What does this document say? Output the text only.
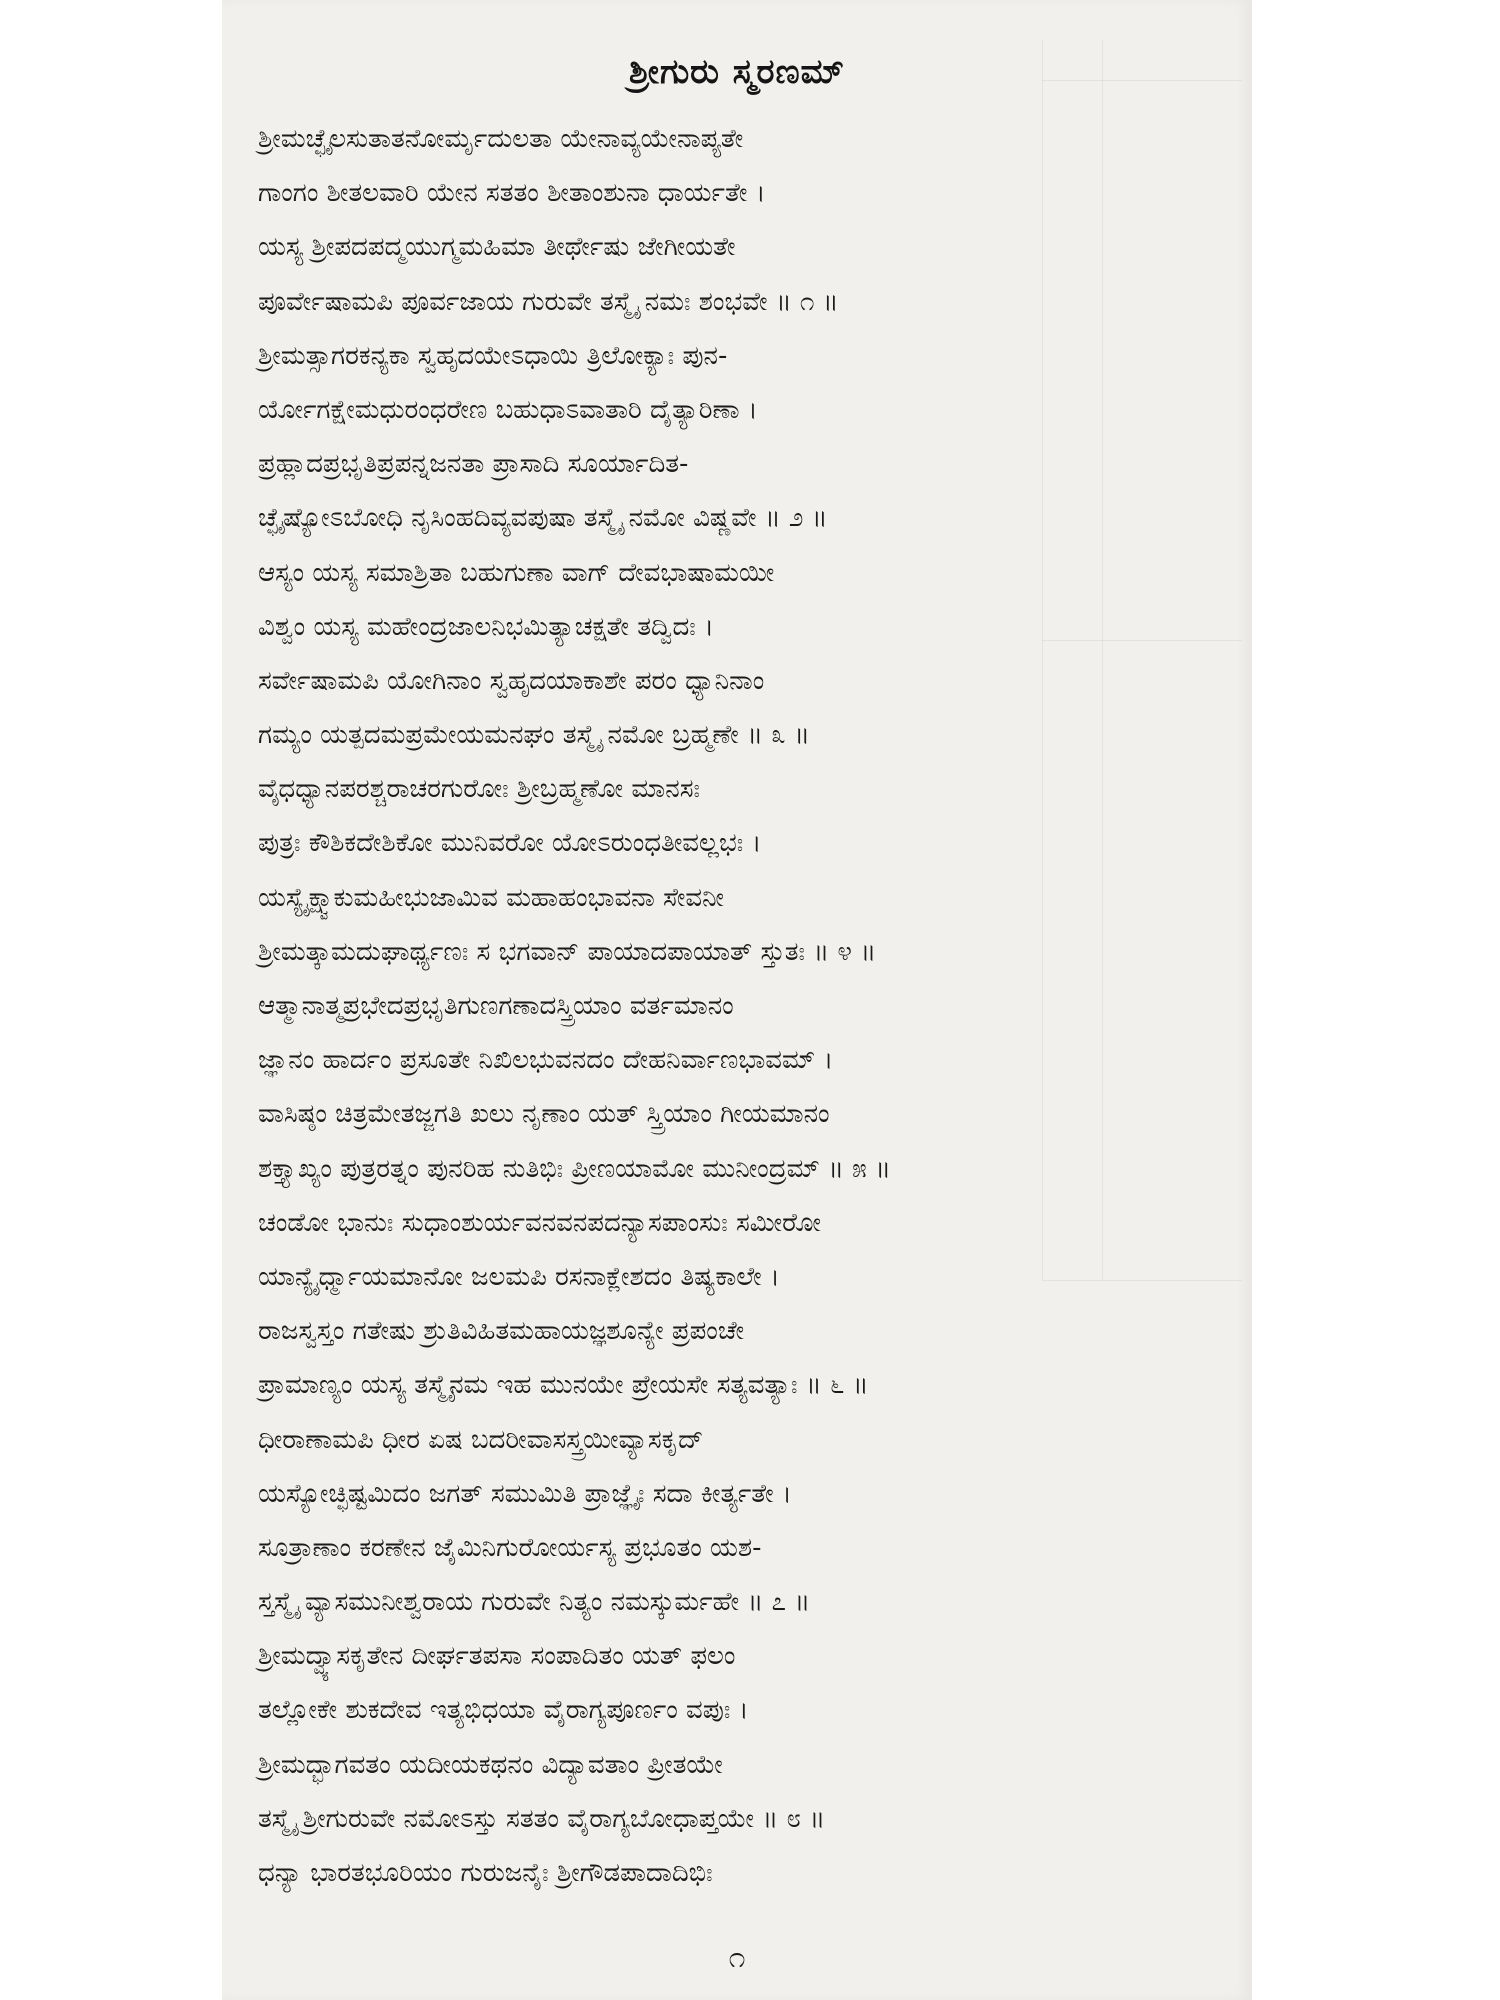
ಶ್ರೀಗುರು ಸ್ಮರಣಮ್
ಶ್ರೀಮಚ್ಛೈಲಸುತಾತನೋರ್ಮೃದುಲತಾ ಯೇನಾವ್ಯಯೇನಾಪ್ಯತೇ
ಗಾಂಗಂ ಶೀತಲವಾರಿ ಯೇನ ಸತತಂ ಶೀತಾಂಶುನಾ ಧಾರ್ಯತೇ ।
ಯಸ್ಯ ಶ್ರೀಪದಪದ್ಮಯುಗ್ಮಮಹಿಮಾ ತೀರ್ಥೇಷು ಜೇಗೀಯತೇ
ಪೂರ್ವೇಷಾಮಪಿ ಪೂರ್ವಜಾಯ ಗುರುವೇ ತಸ್ಮೈ ನಮಃ ಶಂಭವೇ ॥ ೧ ॥
ಶ್ರೀಮತ್ಸಾಗರಕನ್ಯಕಾ ಸ್ವಹೃದಯೇಽಧಾಯಿ ತ್ರಿಲೋಕ್ಯಾಃ ಪುನ-
ರ್ಯೋಗಕ್ಷೇಮಧುರಂಧರೇಣ ಬಹುಧಾಽವಾತಾರಿ ದೈತ್ಯಾರಿಣಾ ।
ಪ್ರಹ್ಲಾದಪ್ರಭೃತಿಪ್ರಪನ್ನಜನತಾ ಪ್ರಾಸಾದಿ ಸೂರ್ಯಾದಿತ-
ಚ್ಛೈಷ್ಯೋಽಬೋಧಿ ನೃಸಿಂಹದಿವ್ಯವಪುಷಾ ತಸ್ಮೈ ನಮೋ ವಿಷ್ಣವೇ ॥ ೨ ॥
ಆಸ್ಯಂ ಯಸ್ಯ ಸಮಾಶ್ರಿತಾ ಬಹುಗುಣಾ ವಾಗ್ ದೇವಭಾಷಾಮಯೀ
ವಿಶ್ವಂ ಯಸ್ಯ ಮಹೇಂದ್ರಜಾಲನಿಭಮಿತ್ಯಾಚಕ್ಷತೇ ತದ್ವಿದಃ ।
ಸರ್ವೇಷಾಮಪಿ ಯೋಗಿನಾಂ ಸ್ವಹೃದಯಾಕಾಶೇ ಪರಂ ಧ್ಯಾನಿನಾಂ
ಗಮ್ಯಂ ಯತ್ಪದಮಪ್ರಮೇಯಮನಘಂ ತಸ್ಮೈ ನಮೋ ಬ್ರಹ್ಮಣೇ ॥ ೩ ॥
ವೈಧಧ್ಯಾನಪರಶ್ಚರಾಚರಗುರೋಃ ಶ್ರೀಬ್ರಹ್ಮಣೋ ಮಾನಸಃ
ಪುತ್ರಃ ಕೌಶಿಕದೇಶಿಕೋ ಮುನಿವರೋ ಯೋಽರುಂಧತೀವಲ್ಲಭಃ ।
ಯಸ್ಯೈಕ್ಷ್ವಾಕುಮಹೀಭುಜಾಮಿವ ಮಹಾಹಂಭಾವನಾ ಸೇವನೀ
ಶ್ರೀಮತ್ಕಾಮದುಘಾರ್ಥ್ಯಣಃ ಸ ಭಗವಾನ್ ಪಾಯಾದಪಾಯಾತ್ ಸ್ತುತಃ ॥ ೪ ॥
ಆತ್ಮಾನಾತ್ಮಪ್ರಭೇದಪ್ರಭೃತಿಗುಣಗಣಾದಸ್ತ್ರಿಯಾಂ ವರ್ತಮಾನಂ
ಜ್ಞಾನಂ ಹಾರ್ದಂ ಪ್ರಸೂತೇ ನಿಖಿಲಭುವನದಂ ದೇಹನಿರ್ವಾಣಭಾವಮ್ ।
ವಾಸಿಷ್ಠಂ ಚಿತ್ರಮೇತಜ್ಜಗತಿ ಖಲು ನೃಣಾಂ ಯತ್ ಸ್ತ್ರಿಯಾಂ ಗೀಯಮಾನಂ
ಶಕ್ತ್ಯಾಖ್ಯಂ ಪುತ್ರರತ್ನಂ ಪುನರಿಹ ನುತಿಭಿಃ ಪ್ರೀಣಯಾಮೋ ಮುನೀಂದ್ರಮ್ ॥ ೫ ॥
ಚಂಡೋ ಭಾನುಃ ಸುಧಾಂಶುರ್ಯವನವನಪದನ್ಯಾಸಪಾಂಸುಃ ಸಮೀರೋ
ಯಾನ್ಯೈರ್ಧ್ಮಾಯಮಾನೋ ಜಲಮಪಿ ರಸನಾಕ್ಲೇಶದಂ ತಿಷ್ಯಕಾಲೇ ।
ರಾಜಸ್ವಸ್ತಂ ಗತೇಷು ಶ್ರುತಿವಿಹಿತಮಹಾಯಜ್ಞಶೂನ್ಯೇ ಪ್ರಪಂಚೇ
ಪ್ರಾಮಾಣ್ಯಂ ಯಸ್ಯ ತಸ್ಮೈನಮ ಇಹ ಮುನಯೇ ಪ್ರೇಯಸೇ ಸತ್ಯವತ್ಯಾಃ ॥ ೬ ॥
ಧೀರಾಣಾಮಪಿ ಧೀರ ಏಷ ಬದರೀವಾಸಸ್ತ್ರಯೀವ್ಯಾಸಕೃದ್
ಯಸ್ಯೋಚ್ಛಿಷ್ಟಮಿದಂ ಜಗತ್ ಸಮುಮಿತಿ ಪ್ರಾಜ್ಞೈಃ ಸದಾ ಕೀರ್ತ್ಯತೇ ।
ಸೂತ್ರಾಣಾಂ ಕರಣೇನ ಜೈಮಿನಿಗುರೋರ್ಯಸ್ಯ ಪ್ರಭೂತಂ ಯಶ-
ಸ್ತಸ್ಮೈ ವ್ಯಾಸಮುನೀಶ್ವರಾಯ ಗುರುವೇ ನಿತ್ಯಂ ನಮಸ್ಕುರ್ಮಹೇ ॥ ೭ ॥
ಶ್ರೀಮದ್ವ್ಯಾಸಕೃತೇನ ದೀರ್ಘತಪಸಾ ಸಂಪಾದಿತಂ ಯತ್ ಫಲಂ
ತಲ್ಲೋಕೇ ಶುಕದೇವ ಇತ್ಯಭಿಧಯಾ ವೈರಾಗ್ಯಪೂರ್ಣಂ ವಪುಃ ।
ಶ್ರೀಮದ್ಭಾಗವತಂ ಯದೀಯಕಥನಂ ವಿದ್ಯಾವತಾಂ ಪ್ರೀತಯೇ
ತಸ್ಮೈ ಶ್ರೀಗುರುವೇ ನಮೋಽಸ್ತು ಸತತಂ ವೈರಾಗ್ಯಬೋಧಾಪ್ತಯೇ ॥ ೮ ॥
ಧನ್ಯಾ ಭಾರತಭೂರಿಯಂ ಗುರುಜನೈಃ ಶ್ರೀಗೌಡಪಾದಾದಿಭಿಃ
೧
